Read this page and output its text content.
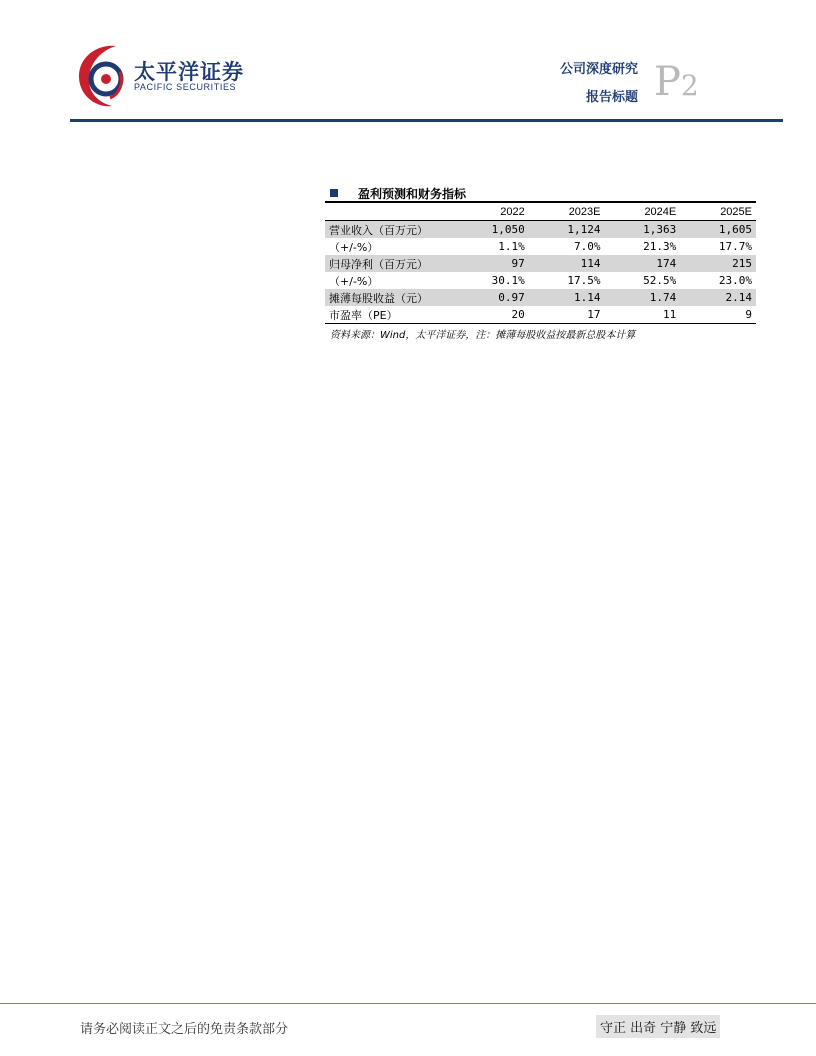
太平洋证券
PACIFIC SECURITIES
公司深度研究
报告标题 P2
盈利预测和财务指标
	2022	2023E	2024E	2025E
营业收入（百万元）	1,050	1,124	1,363	1,605
（+/-%）	1.1%	7.0%	21.3%	17.7%
归母净利（百万元）	97	114	174	215
（+/-%）	30.1%	17.5%	52.5%	23.0%
摊薄每股收益（元）	0.97	1.14	1.74	2.14
市盈率（PE）	20	17	11	9
资料来源：Wind，太平洋证券，注：摊薄每股收益按最新总股本计算
请务必阅读正文之后的免责条款部分	守正 出奇 宁静 致远
